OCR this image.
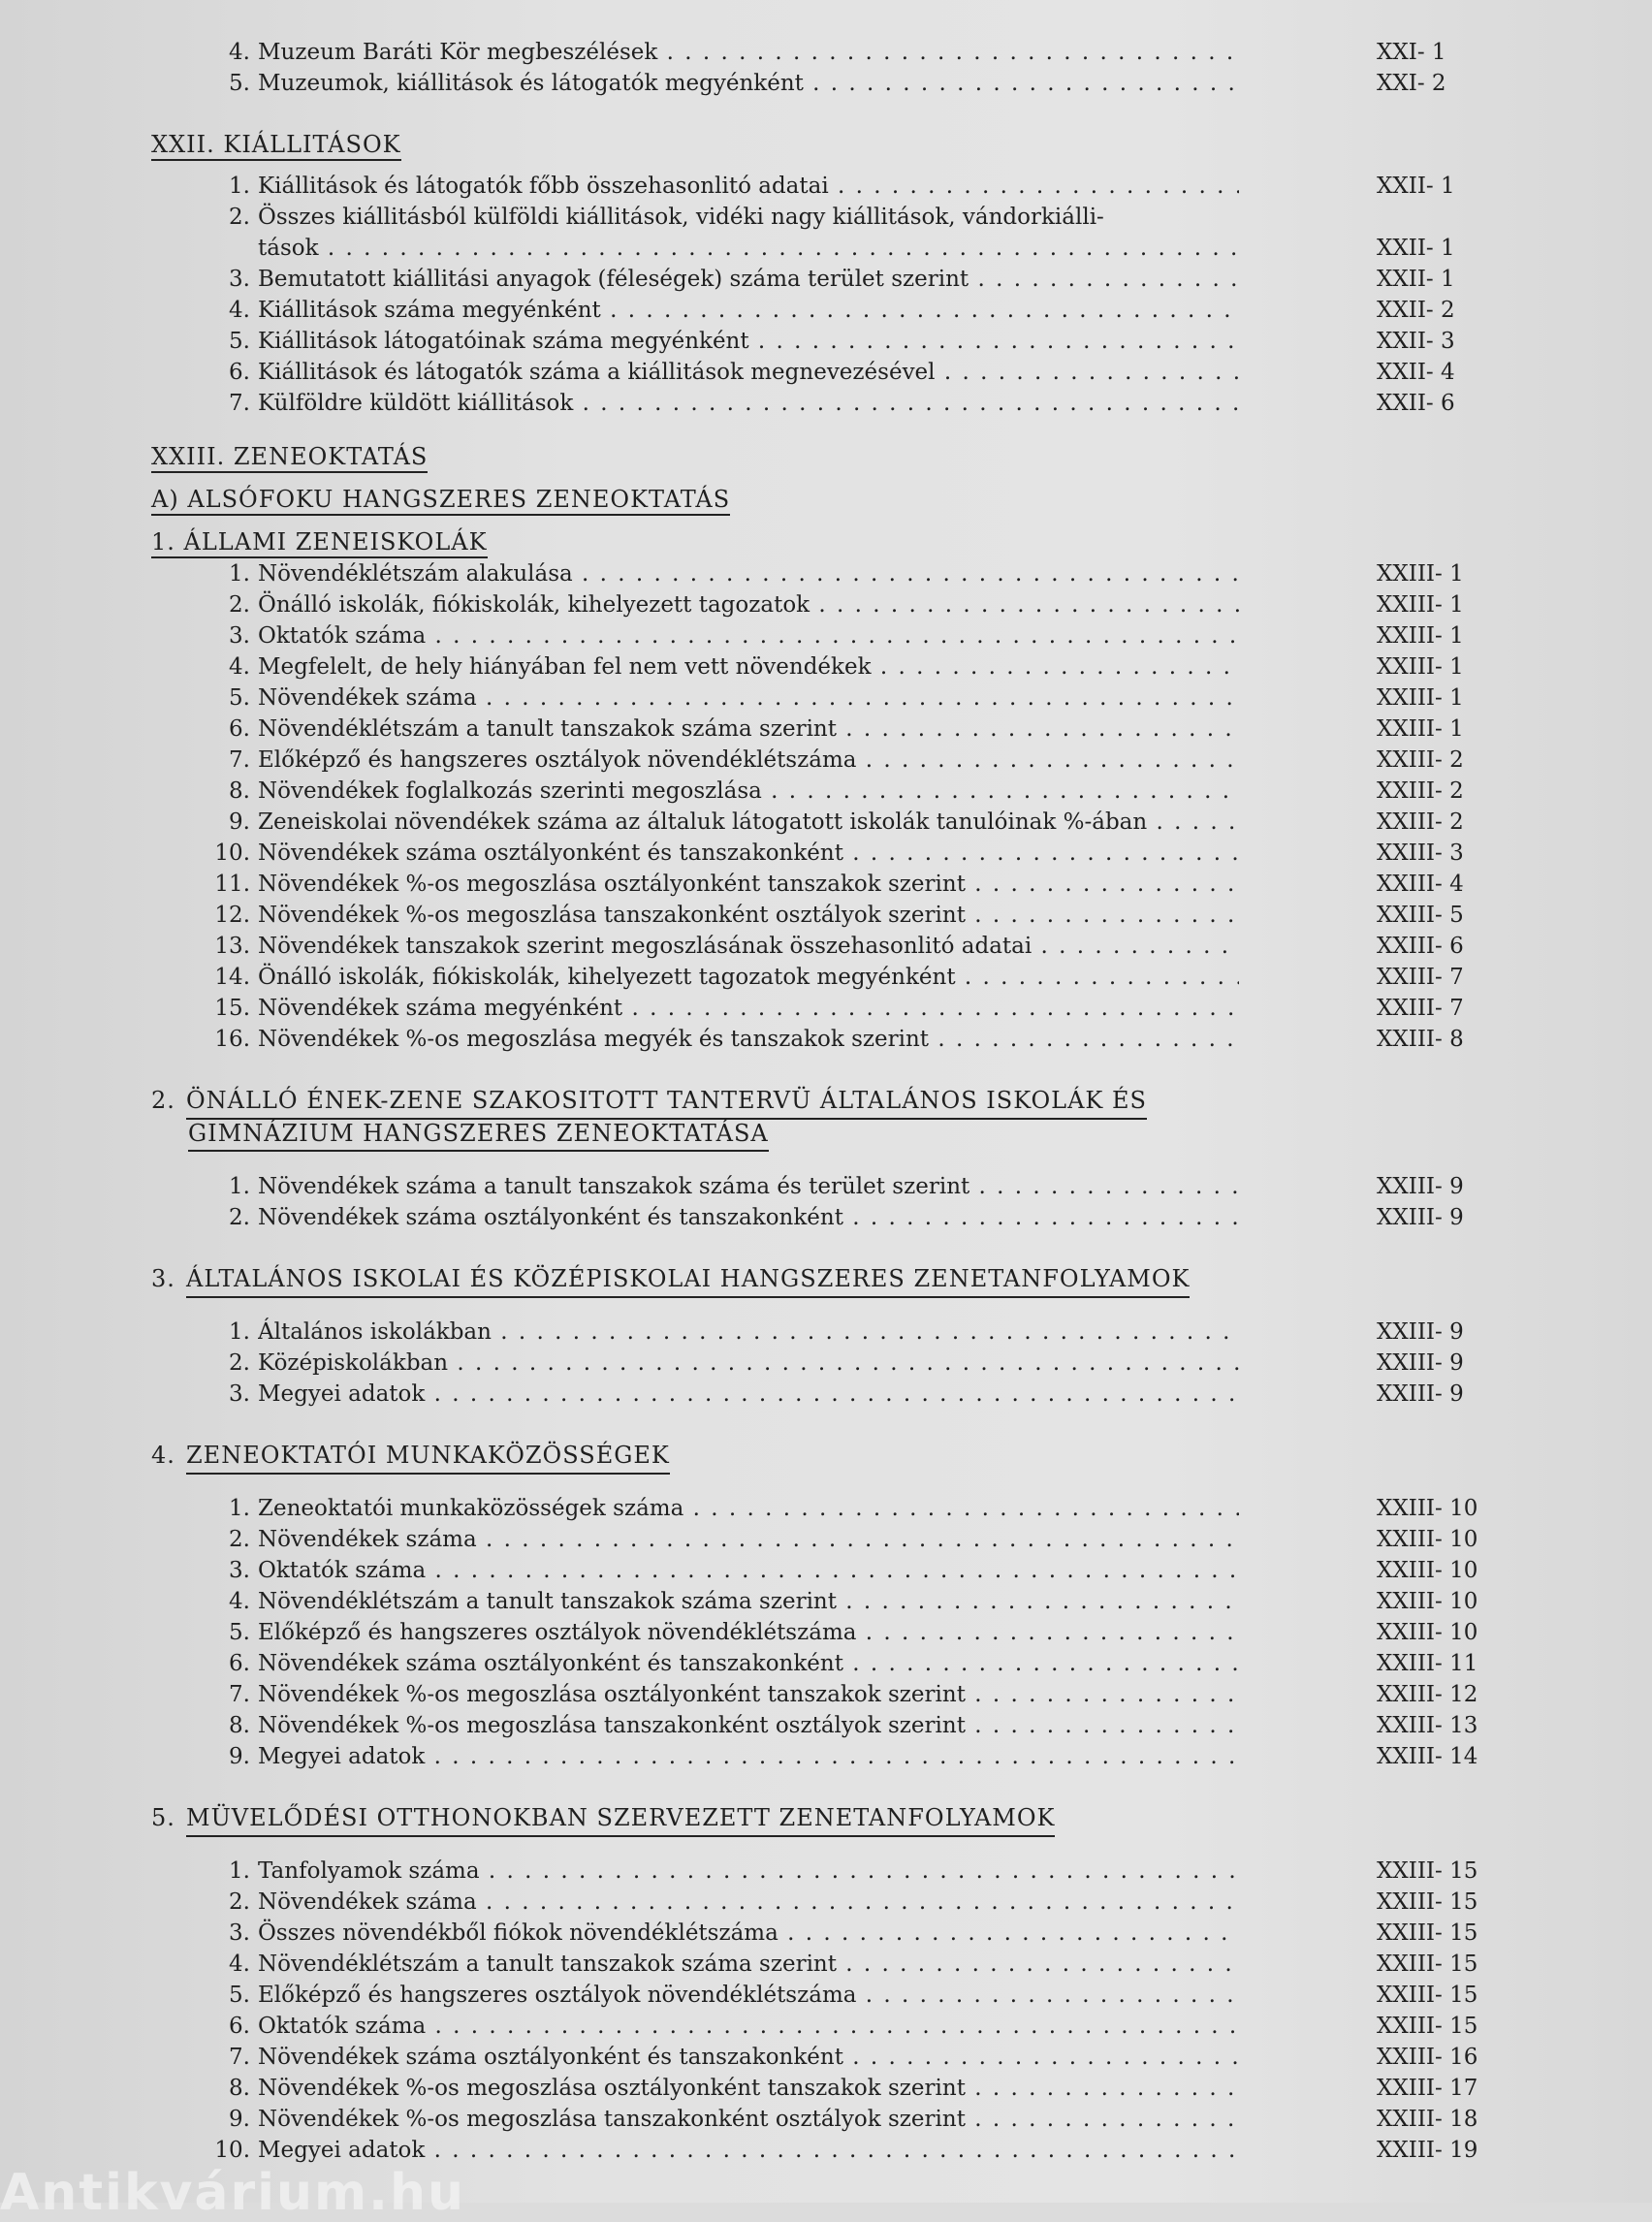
4. Muzeum Baráti Kör megbeszélések . . .	XXI- 1
5. Muzeumok, kiállitások és látogatók megyénként . . .	XXI- 2
XXII. KIÁLLITÁSOK
1. Kiállitások és látogatók főbb összehasonlitó adatai . . .	XXII- 1
2. Összes kiállitásból külföldi kiállitások, vidéki nagy kiállitások, vándorkiálli-
tások . . .	XXII- 1
3. Bemutatott kiállitási anyagok (féleségek) száma terület szerint . . .	XXII- 1
4. Kiállitások száma megyénként . . .	XXII- 2
5. Kiállitások látogatóinak száma megyénként . . .	XXII- 3
6. Kiállitások és látogatók száma a kiállitások megnevezésével . . .	XXII- 4
7. Külföldre küldött kiállitások . . .	XXII- 6
XXIII. ZENEOKTATÁS
A) ALSÓFOKU HANGSZERES ZENEOKTATÁS
1. ÁLLAMI ZENEISKOLÁK
1. Növendéklétszám alakulása . . .	XXIII- 1
2. Önálló iskolák, fiókiskolák, kihelyezett tagozatok . . .	XXIII- 1
3. Oktatók száma . . .	XXIII- 1
4. Megfelelt, de hely hiányában fel nem vett növendékek . . .	XXIII- 1
5. Növendékek száma . . .	XXIII- 1
6. Növendéklétszám a tanult tanszakok száma szerint . . .	XXIII- 1
7. Előképző és hangszeres osztályok növendéklétszáma . . .	XXIII- 2
8. Növendékek foglalkozás szerinti megoszlása . . .	XXIII- 2
9. Zeneiskolai növendékek száma az általuk látogatott iskolák tanulóinak %-ában . . .	XXIII- 2
10. Növendékek száma osztályonként és tanszakonként . . .	XXIII- 3
11. Növendékek %-os megoszlása osztályonként tanszakok szerint . . .	XXIII- 4
12. Növendékek %-os megoszlása tanszakonként osztályok szerint . . .	XXIII- 5
13. Növendékek tanszakok szerint megoszlásának összehasonlitó adatai . . .	XXIII- 6
14. Önálló iskolák, fiókiskolák, kihelyezett tagozatok megyénként . . .	XXIII- 7
15. Növendékek száma megyénként . . .	XXIII- 7
16. Növendékek %-os megoszlása megyék és tanszakok szerint . . .	XXIII- 8
2. ÖNÁLLÓ ÉNEK-ZENE SZAKOSITOTT TANTERVÜ ÁLTALÁNOS ISKOLÁK ÉS
GIMNÁZIUM HANGSZERES ZENEOKTATÁSA
1. Növendékek száma a tanult tanszakok száma és terület szerint . . .	XXIII- 9
2. Növendékek száma osztályonként és tanszakonként . . .	XXIII- 9
3. ÁLTALÁNOS ISKOLAI ÉS KÖZÉPISKOLAI HANGSZERES ZENETANFOLYAMOK
1. Általános iskolákban . . .	XXIII- 9
2. Középiskolákban . . .	XXIII- 9
3. Megyei adatok . . .	XXIII- 9
4. ZENEOKTATÓI MUNKAKÖZÖSSÉGEK
1. Zeneoktatói munkaközösségek száma . . .	XXIII- 10
2. Növendékek száma . . .	XXIII- 10
3. Oktatók száma . . .	XXIII- 10
4. Növendéklétszám a tanult tanszakok száma szerint . . .	XXIII- 10
5. Előképző és hangszeres osztályok növendéklétszáma . . .	XXIII- 10
6. Növendékek száma osztályonként és tanszakonként . . .	XXIII- 11
7. Növendékek %-os megoszlása osztályonként tanszakok szerint . . .	XXIII- 12
8. Növendékek %-os megoszlása tanszakonként osztályok szerint . . .	XXIII- 13
9. Megyei adatok . . .	XXIII- 14
5. MÜVELŐDÉSI OTTHONOKBAN SZERVEZETT ZENETANFOLYAMOK
1. Tanfolyamok száma . . .	XXIII- 15
2. Növendékek száma . . .	XXIII- 15
3. Összes növendékből fiókok növendéklétszáma . . .	XXIII- 15
4. Növendéklétszám a tanult tanszakok száma szerint . . .	XXIII- 15
5. Előképző és hangszeres osztályok növendéklétszáma . . .	XXIII- 15
6. Oktatók száma . . .	XXIII- 15
7. Növendékek száma osztályonként és tanszakonként . . .	XXIII- 16
8. Növendékek %-os megoszlása osztályonként tanszakok szerint . . .	XXIII- 17
9. Növendékek %-os megoszlása tanszakonként osztályok szerint . . .	XXIII- 18
10. Megyei adatok . . .	XXIII- 19
Antikvárium.hu
